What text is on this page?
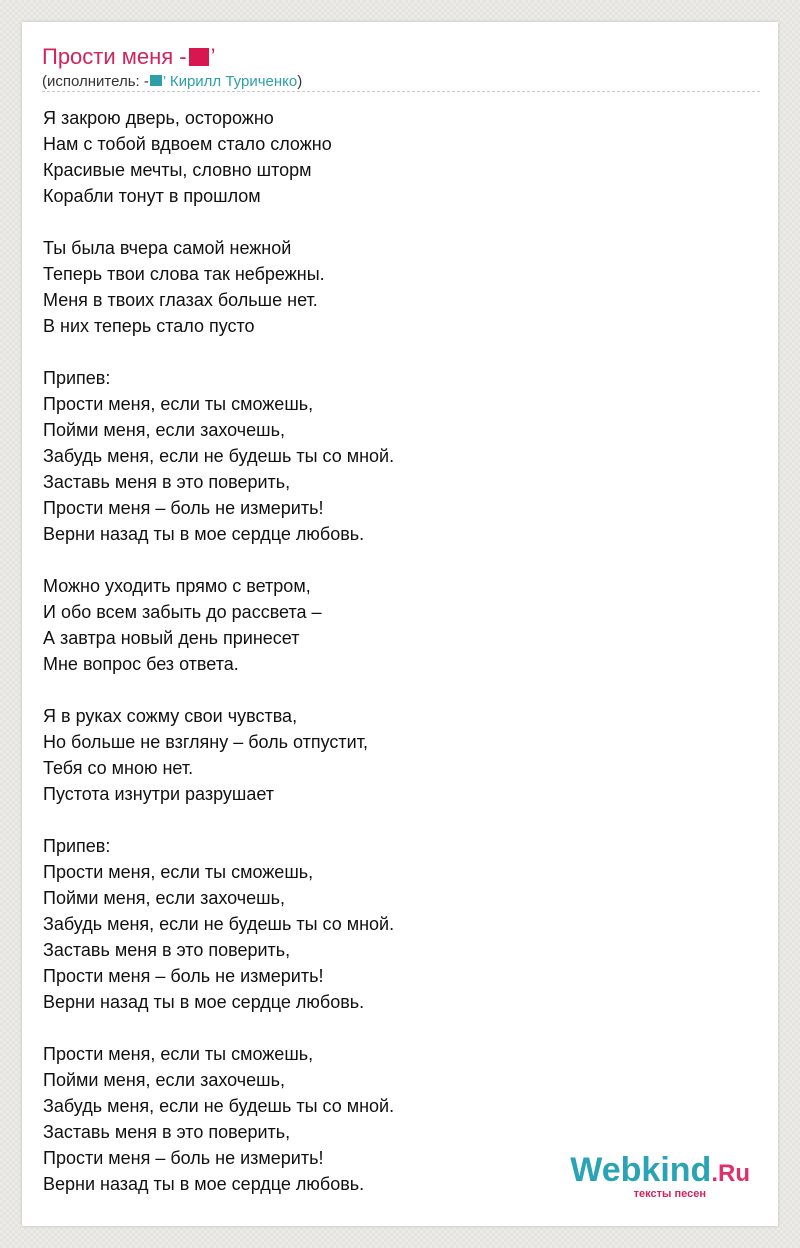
Прости меня - ’
(исполнитель: - ’ Кирилл Туриченко)
Я закрою дверь, осторожно
Нам с тобой вдвоем стало сложно
Красивые мечты, словно шторм
Корабли тонут в прошлом
Ты была вчера самой нежной
Теперь твои слова так небрежны.
Меня в твоих глазах больше нет.
В них теперь стало пусто
Припев:
Прости меня, если ты сможешь,
Пойми меня, если захочешь,
Забудь меня, если не будешь ты со мной.
Заставь меня в это поверить,
Прости меня – боль не измерить!
Верни назад ты в мое сердце любовь.
Можно уходить прямо с ветром,
И обо всем забыть до рассвета –
А завтра новый день принесет
Мне вопрос без ответа.
Я в руках сожму свои чувства,
Но больше не взгляну – боль отпустит,
Тебя со мною нет.
Пустота изнутри разрушает
Припев:
Прости меня, если ты сможешь,
Пойми меня, если захочешь,
Забудь меня, если не будешь ты со мной.
Заставь меня в это поверить,
Прости меня – боль не измерить!
Верни назад ты в мое сердце любовь.
Прости меня, если ты сможешь,
Пойми меня, если захочешь,
Забудь меня, если не будешь ты со мной.
Заставь меня в это поверить,
Прости меня – боль не измерить!
Верни назад ты в мое сердце любовь.	Webkind.Ru
тексты песен
